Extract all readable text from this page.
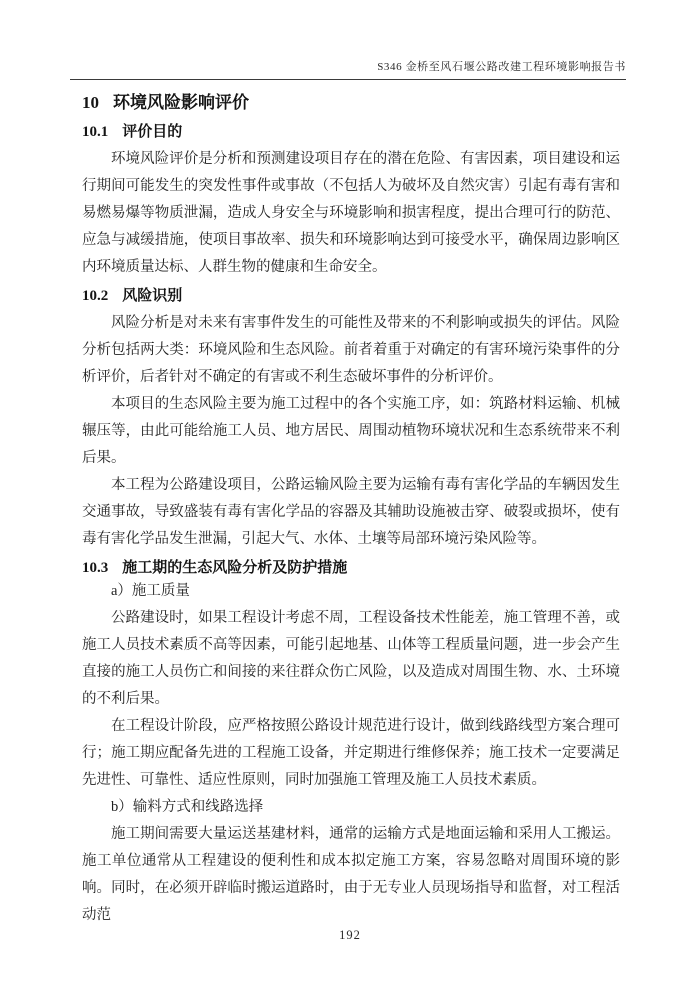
S346 金桥至风石堰公路改建工程环境影响报告书
10 环境风险影响评价
10.1 评价目的

环境风险评价是分析和预测建设项目存在的潜在危险、有害因素，项目建设和运行期间可能发生的突发性事件或事故（不包括人为破坏及自然灾害）引起有毒有害和易燃易爆等物质泄漏，造成人身安全与环境影响和损害程度，提出合理可行的防范、应急与减缓措施，使项目事故率、损失和环境影响达到可接受水平，确保周边影响区内环境质量达标、人群生物的健康和生命安全。

10.2 风险识别

风险分析是对未来有害事件发生的可能性及带来的不利影响或损失的评估。风险分析包括两大类：环境风险和生态风险。前者着重于对确定的有害环境污染事件的分析评价，后者针对不确定的有害或不利生态破坏事件的分析评价。

本项目的生态风险主要为施工过程中的各个实施工序，如：筑路材料运输、机械辗压等，由此可能给施工人员、地方居民、周围动植物环境状况和生态系统带来不利后果。

本工程为公路建设项目，公路运输风险主要为运输有毒有害化学品的车辆因发生交通事故，导致盛装有毒有害化学品的容器及其辅助设施被击穿、破裂或损坏，使有毒有害化学品发生泄漏，引起大气、水体、土壤等局部环境污染风险等。

10.3 施工期的生态风险分析及防护措施

a）施工质量

公路建设时，如果工程设计考虑不周，工程设备技术性能差，施工管理不善，或施工人员技术素质不高等因素，可能引起地基、山体等工程质量问题，进一步会产生直接的施工人员伤亡和间接的来往群众伤亡风险，以及造成对周围生物、水、土环境的不利后果。

在工程设计阶段，应严格按照公路设计规范进行设计，做到线路线型方案合理可行；施工期应配备先进的工程施工设备，并定期进行维修保养；施工技术一定要满足先进性、可靠性、适应性原则，同时加强施工管理及施工人员技术素质。

b）输料方式和线路选择

施工期间需要大量运送基建材料，通常的运输方式是地面运输和采用人工搬运。施工单位通常从工程建设的便利性和成本拟定施工方案，容易忽略对周围环境的影响。同时，在必须开辟临时搬运道路时，由于无专业人员现场指导和监督，对工程活动范

192
